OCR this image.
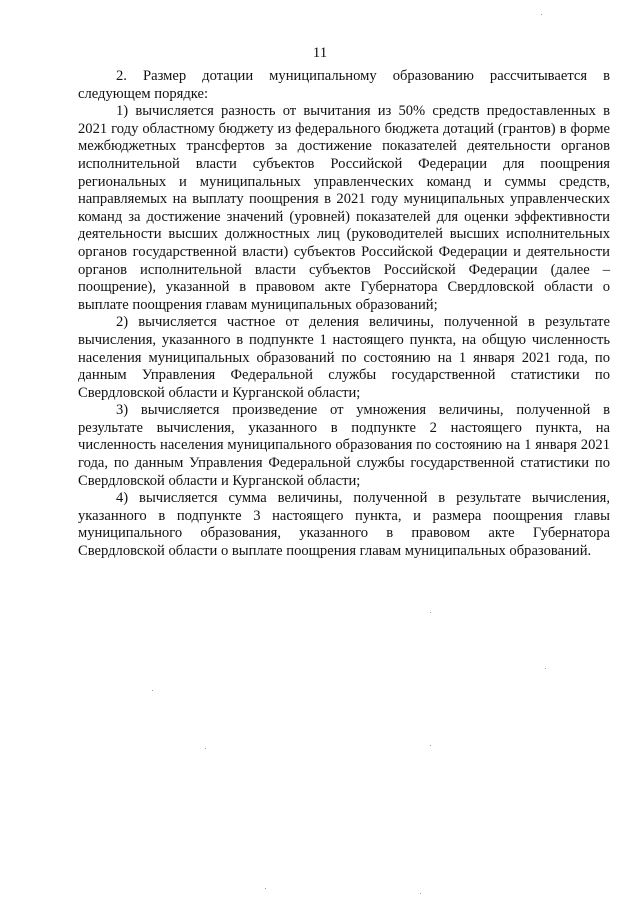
11

2. Размер дотации муниципальному образованию рассчитывается в следующем порядке:

1) вычисляется разность от вычитания из 50% средств предоставленных в 2021 году областному бюджету из федерального бюджета дотаций (грантов) в форме межбюджетных трансфертов за достижение показателей деятельности органов исполнительной власти субъектов Российской Федерации для поощрения региональных и муниципальных управленческих команд и суммы средств, направляемых на выплату поощрения в 2021 году муниципальных управленческих команд за достижение значений (уровней) показателей для оценки эффективности деятельности высших должностных лиц (руководителей высших исполнительных органов государственной власти) субъектов Российской Федерации и деятельности органов исполнительной власти субъектов Российской Федерации (далее – поощрение), указанной в правовом акте Губернатора Свердловской области о выплате поощрения главам муниципальных образований;

2) вычисляется частное от деления величины, полученной в результате вычисления, указанного в подпункте 1 настоящего пункта, на общую численность населения муниципальных образований по состоянию на 1 января 2021 года, по данным Управления Федеральной службы государственной статистики по Свердловской области и Курганской области;

3) вычисляется произведение от умножения величины, полученной в результате вычисления, указанного в подпункте 2 настоящего пункта, на численность населения муниципального образования по состоянию на 1 января 2021 года, по данным Управления Федеральной службы государственной статистики по Свердловской области и Курганской области;

4) вычисляется сумма величины, полученной в результате вычисления, указанного в подпункте 3 настоящего пункта, и размера поощрения главы муниципального образования, указанного в правовом акте Губернатора Свердловской области о выплате поощрения главам муниципальных образований.
